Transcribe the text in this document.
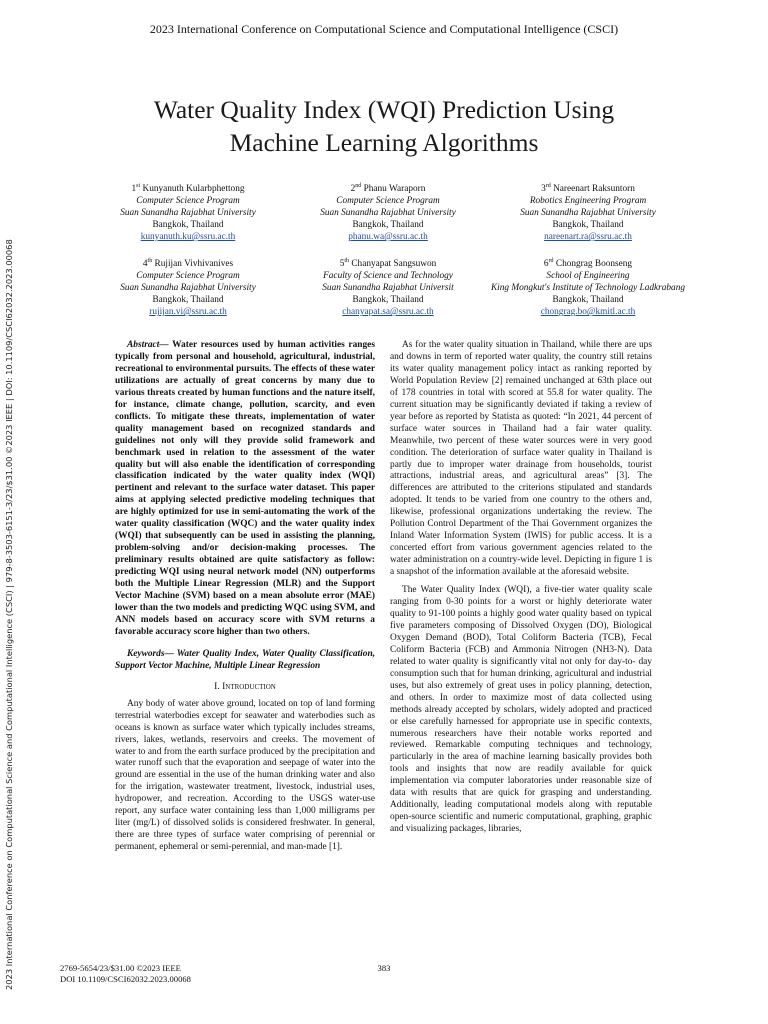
2023 International Conference on Computational Science and Computational Intelligence (CSCI)
2023 International Conference on Computational Science and Computational Intelligence (CSCI) | 979-8-3503-6151-3/23/$31.00 ©2023 IEEE | DOI: 10.1109/CSCI62032.2023.00068
Water Quality Index (WQI) Prediction Using
Machine Learning Algorithms
1st Kunyanuth Kularbphettong
Computer Science Program
Suan Sunandha Rajabhat University
Bangkok, Thailand
kunyanuth.ku@ssru.ac.th
2nd Phanu Waraporn
Computer Science Program
Suan Sunandha Rajabhat University
Bangkok, Thailand
phanu.wa@ssru.ac.th
3rd Nareenart Raksuntorn
Robotics Engineering Program
Suan Sunandha Rajabhat University
Bangkok, Thailand
nareenart.ra@ssru.ac.th
4th Rujijan Vivhivanives
Computer Science Program
Suan Sunandha Rajabhat University
Bangkok, Thailand
rujijan.vi@ssru.ac.th
5th Chanyapat Sangsuwon
Faculty of Science and Technology
Suan Sunandha Rajabhat Universit
Bangkok, Thailand
chanyapat.sa@ssru.ac.th
6rd Chongrag Boonseng
School of Engineering
King Mongkut's Institute of Technology Ladkrabang
Bangkok, Thailand
chongrag.bo@kmitl.ac.th

Abstract— Water resources used by human activities ranges typically from personal and household, agricultural, industrial, recreational to environmental pursuits. The effects of these water utilizations are actually of great concerns by many due to various threats created by human functions and the nature itself, for instance, climate change, pollution, scarcity, and even conflicts. To mitigate these threats, implementation of water quality management based on recognized standards and guidelines not only will they provide solid framework and benchmark used in relation to the assessment of the water quality but will also enable the identification of corresponding classification indicated by the water quality index (WQI) pertinent and relevant to the surface water dataset. This paper aims at applying selected predictive modeling techniques that are highly optimized for use in semi-automating the work of the water quality classification (WQC) and the water quality index (WQI) that subsequently can be used in assisting the planning, problem-solving and/or decision-making processes. The preliminary results obtained are quite satisfactory as follow: predicting WQI using neural network model (NN) outperforms both the Multiple Linear Regression (MLR) and the Support Vector Machine (SVM) based on a mean absolute error (MAE) lower than the two models and predicting WQC using SVM, and ANN models based on accuracy score with SVM returns a favorable accuracy score higher than two others.

Keywords— Water Quality Index, Water Quality Classification, Support Vector Machine, Multiple Linear Regression

I. Introduction

Any body of water above ground, located on top of land forming terrestrial waterbodies except for seawater and waterbodies such as oceans is known as surface water which typically includes streams, rivers, lakes, wetlands, reservoirs and creeks. The movement of water to and from the earth surface produced by the precipitation and water runoff such that the evaporation and seepage of water into the ground are essential in the use of the human drinking water and also for the irrigation, wastewater treatment, livestock, industrial uses, hydropower, and recreation. According to the USGS water-use report, any surface water containing less than 1,000 milligrams per liter (mg/L) of dissolved solids is considered freshwater. In general, there are three types of surface water comprising of perennial or permanent, ephemeral or semi-perennial, and man-made [1].

As for the water quality situation in Thailand, while there are ups and downs in term of reported water quality, the country still retains its water quality management policy intact as ranking reported by World Population Review [2] remained unchanged at 63th place out of 178 countries in total with scored at 55.8 for water quality. The current situation may be significantly deviated if taking a review of year before as reported by Statista as quoted: “In 2021, 44 percent of surface water sources in Thailand had a fair water quality. Meanwhile, two percent of these water sources were in very good condition. The deterioration of surface water quality in Thailand is partly due to improper water drainage from households, tourist attractions, industrial areas, and agricultural areas” [3]. The differences are attributed to the criterions stipulated and standards adopted. It tends to be varied from one country to the others and, likewise, professional organizations undertaking the review. The Pollution Control Department of the Thai Government organizes the Inland Water Information System (IWIS) for public access. It is a concerted effort from various government agencies related to the water administration on a country-wide level. Depicting in figure 1 is a snapshot of the information available at the aforesaid website.

The Water Quality Index (WQI), a five-tier water quality scale ranging from 0-30 points for a worst or highly deteriorate water quality to 91-100 points a highly good water quality based on typical five parameters composing of Dissolved Oxygen (DO), Biological Oxygen Demand (BOD), Total Coliform Bacteria (TCB), Fecal Coliform Bacteria (FCB) and Ammonia Nitrogen (NH3-N). Data related to water quality is significantly vital not only for day-to- day consumption such that for human drinking, agricultural and industrial uses, but also extremely of great uses in policy planning, detection, and others. In order to maximize most of data collected using methods already accepted by scholars, widely adopted and practiced or else carefully harnessed for appropriate use in specific contexts, numerous researchers have their notable works reported and reviewed. Remarkable computing techniques and technology, particularly in the area of machine learning basically provides both tools and insights that now are readily available for quick implementation via computer laboratories under reasonable size of data with results that are quick for grasping and understanding. Additionally, leading computational models along with reputable open-source scientific and numeric computational, graphing, graphic and visualizing packages, libraries,

2769-5654/23/$31.00 ©2023 IEEE
DOI 10.1109/CSCI62032.2023.00068
383
